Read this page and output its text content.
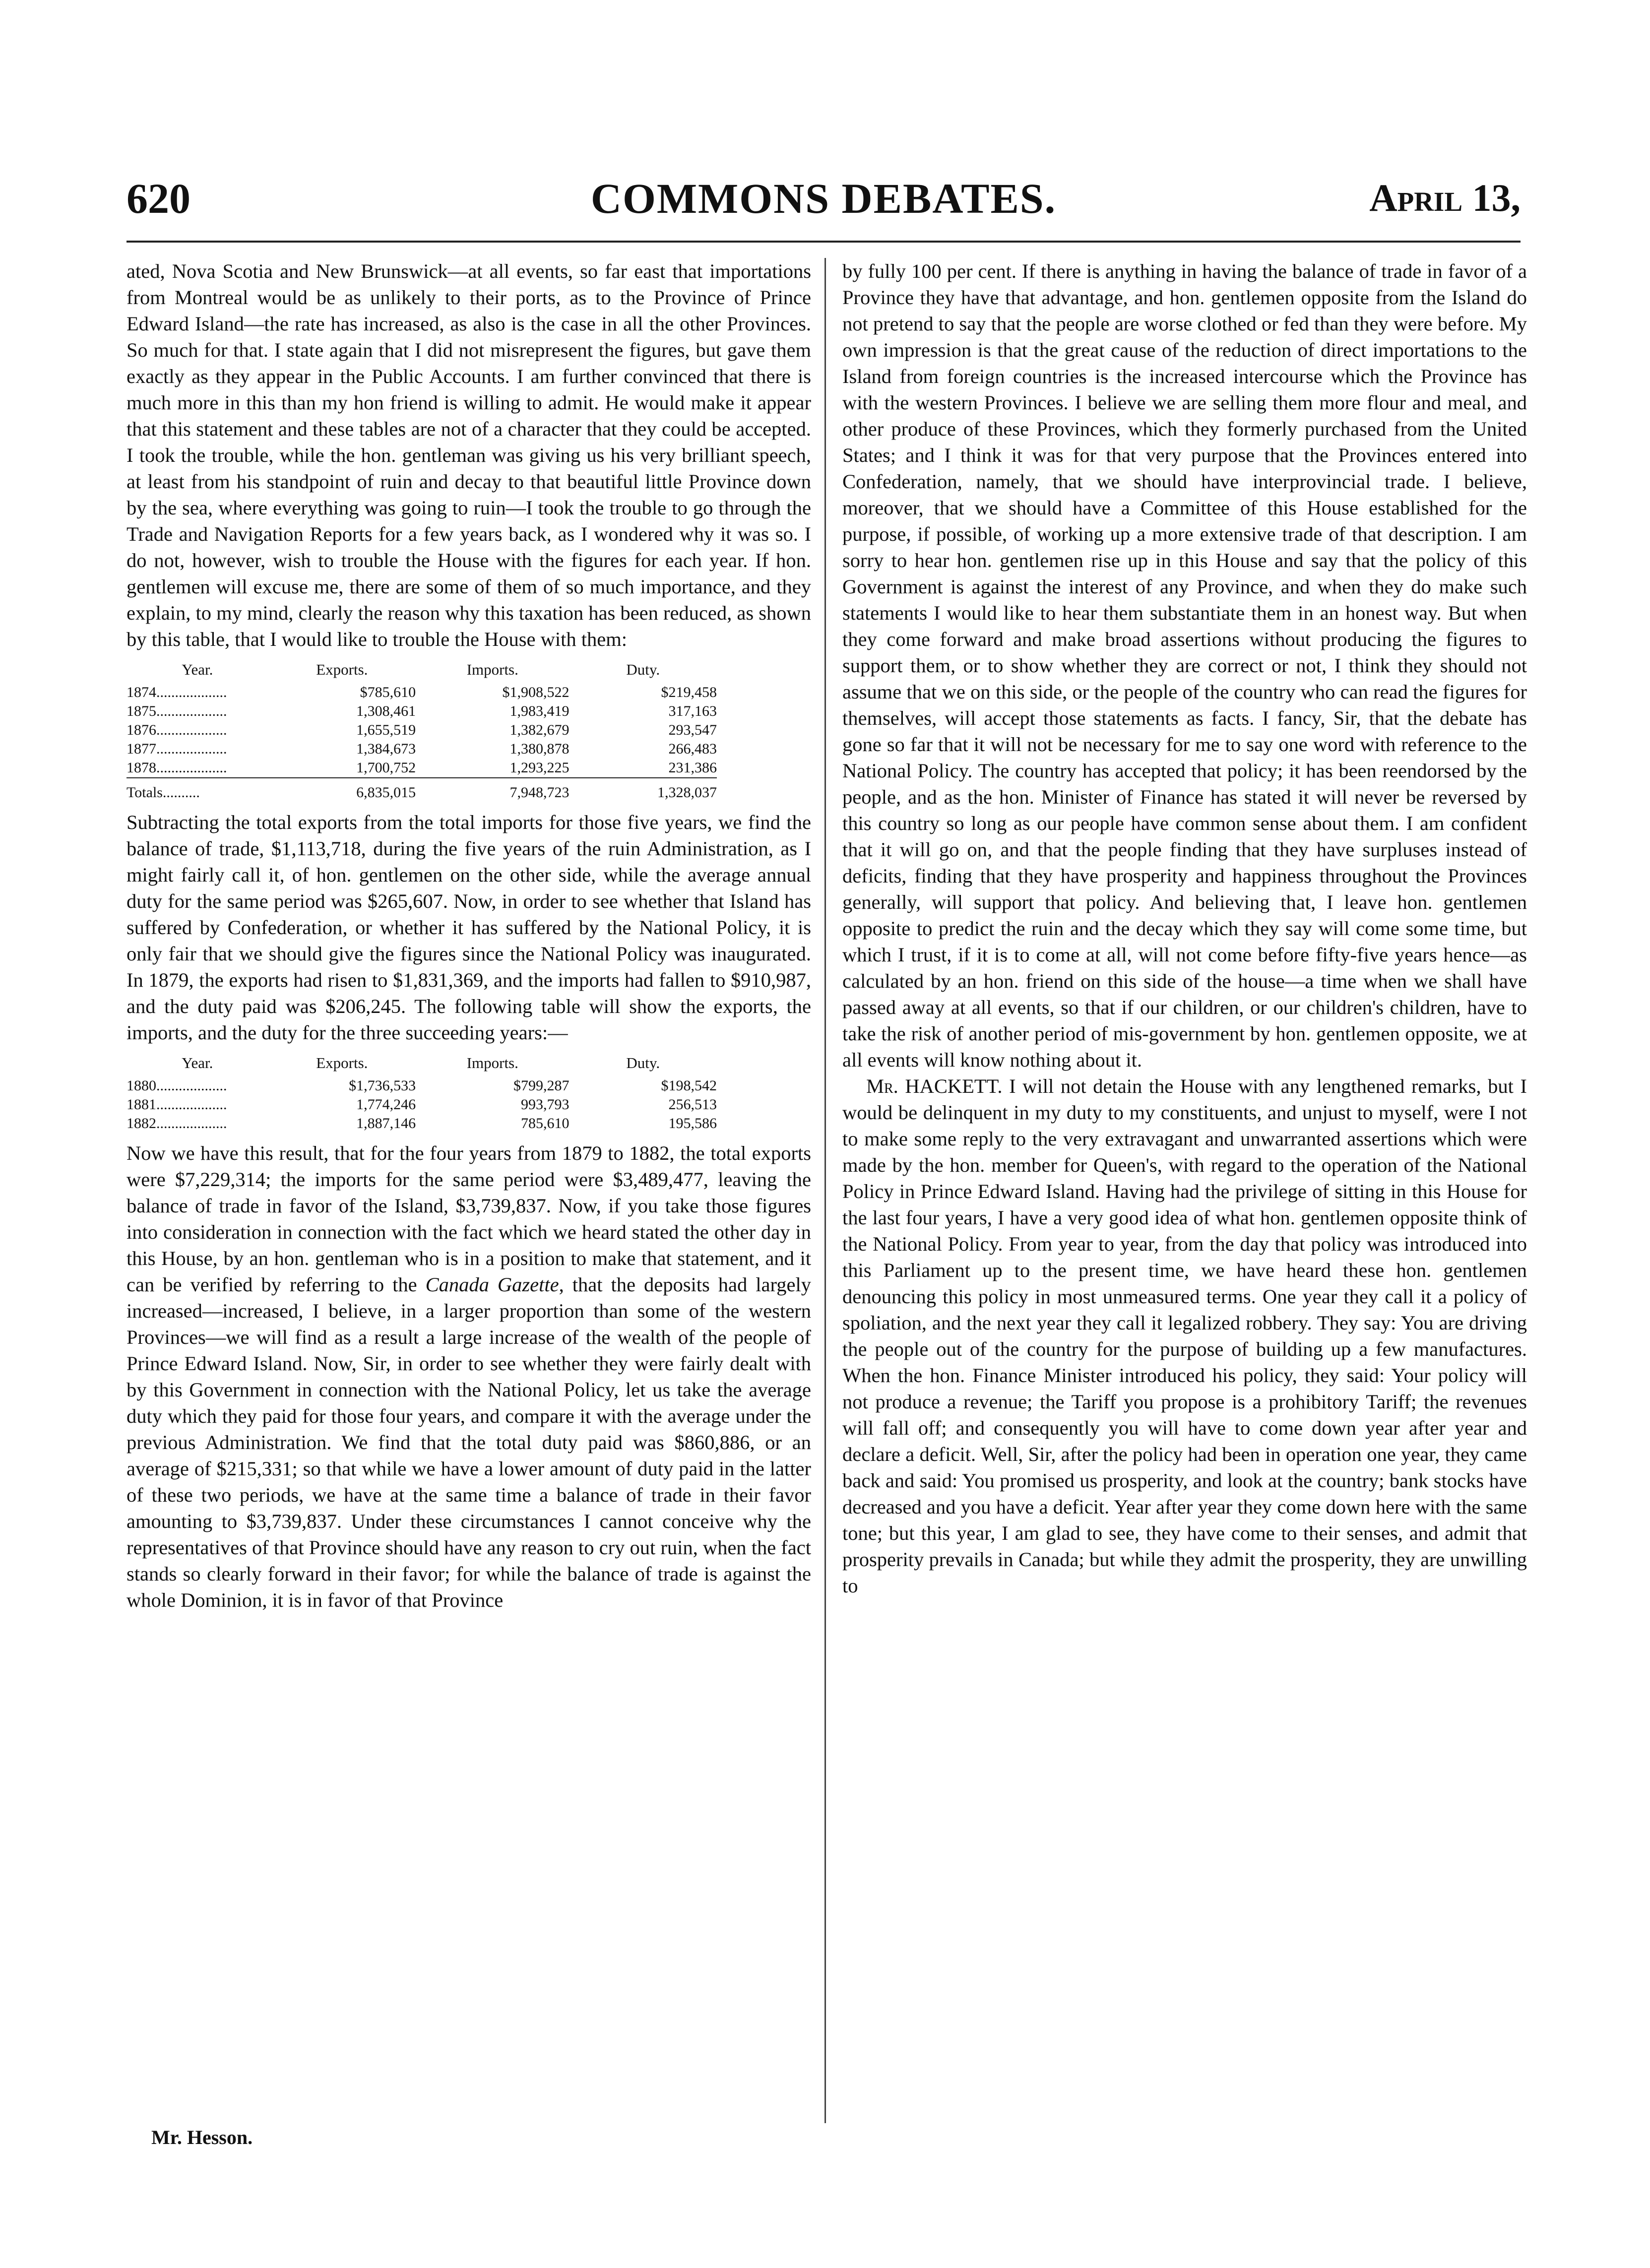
620	COMMONS DEBATES.	April 13,

ated, Nova Scotia and New Brunswick—at all events, so far east that importations from Montreal would be as unlikely to their ports, as to the Province of Prince Edward Island—the rate has increased, as also is the case in all the other Provinces. So much for that. I state again that I did not misrepresent the figures, but gave them exactly as they appear in the Public Accounts. I am further convinced that there is much more in this than my hon friend is willing to admit. He would make it appear that this statement and these tables are not of a character that they could be accepted. I took the trouble, while the hon. gentleman was giving us his very brilliant speech, at least from his standpoint of ruin and decay to that beautiful little Province down by the sea, where everything was going to ruin—I took the trouble to go through the Trade and Navigation Reports for a few years back, as I wondered why it was so. I do not, however, wish to trouble the House with the figures for each year. If hon. gentlemen will excuse me, there are some of them of so much importance, and they explain, to my mind, clearly the reason why this taxation has been reduced, as shown by this table, that I would like to trouble the House with them:

Year.	Exports.	Imports.	Duty.
1874...................	$785,610	$1,908,522	$219,458
1875...................	1,308,461	1,983,419	317,163
1876...................	1,655,519	1,382,679	293,547
1877...................	1,384,673	1,380,878	266,483
1878...................	1,700,752	1,293,225	231,386
Totals..........	6,835,015	7,948,723	1,328,037

Subtracting the total exports from the total imports for those five years, we find the balance of trade, $1,113,718, during the five years of the ruin Administration, as I might fairly call it, of hon. gentlemen on the other side, while the average annual duty for the same period was $265,607. Now, in order to see whether that Island has suffered by Confederation, or whether it has suffered by the National Policy, it is only fair that we should give the figures since the National Policy was inaugurated. In 1879, the exports had risen to $1,831,369, and the imports had fallen to $910,987, and the duty paid was $206,245. The following table will show the exports, the imports, and the duty for the three succeeding years:—

Year.	Exports.	Imports.	Duty.
1880...................	$1,736,533	$799,287	$198,542
1881...................	1,774,246	993,793	256,513
1882...................	1,887,146	785,610	195,586

Now we have this result, that for the four years from 1879 to 1882, the total exports were $7,229,314; the imports for the same period were $3,489,477, leaving the balance of trade in favor of the Island, $3,739,837. Now, if you take those figures into consideration in connection with the fact which we heard stated the other day in this House, by an hon. gentleman who is in a position to make that statement, and it can be verified by referring to the Canada Gazette, that the deposits had largely increased—increased, I believe, in a larger proportion than some of the western Provinces—we will find as a result a large increase of the wealth of the people of Prince Edward Island. Now, Sir, in order to see whether they were fairly dealt with by this Government in connection with the National Policy, let us take the average duty which they paid for those four years, and compare it with the average under the previous Administration. We find that the total duty paid was $860,886, or an average of $215,331; so that while we have a lower amount of duty paid in the latter of these two periods, we have at the same time a balance of trade in their favor amounting to $3,739,837. Under these circumstances I cannot conceive why the representatives of that Province should have any reason to cry out ruin, when the fact stands so clearly forward in their favor; for while the balance of trade is against the whole Dominion, it is in favor of that Province

by fully 100 per cent. If there is anything in having the balance of trade in favor of a Province they have that advantage, and hon. gentlemen opposite from the Island do not pretend to say that the people are worse clothed or fed than they were before. My own impression is that the great cause of the reduction of direct importations to the Island from foreign countries is the increased intercourse which the Province has with the western Provinces. I believe we are selling them more flour and meal, and other produce of these Provinces, which they formerly purchased from the United States; and I think it was for that very purpose that the Provinces entered into Confederation, namely, that we should have interprovincial trade. I believe, moreover, that we should have a Committee of this House established for the purpose, if possible, of working up a more extensive trade of that description. I am sorry to hear hon. gentlemen rise up in this House and say that the policy of this Government is against the interest of any Province, and when they do make such statements I would like to hear them substantiate them in an honest way. But when they come forward and make broad assertions without producing the figures to support them, or to show whether they are correct or not, I think they should not assume that we on this side, or the people of the country who can read the figures for themselves, will accept those statements as facts. I fancy, Sir, that the debate has gone so far that it will not be necessary for me to say one word with reference to the National Policy. The country has accepted that policy; it has been reendorsed by the people, and as the hon. Minister of Finance has stated it will never be reversed by this country so long as our people have common sense about them. I am confident that it will go on, and that the people finding that they have surpluses instead of deficits, finding that they have prosperity and happiness throughout the Provinces generally, will support that policy. And believing that, I leave hon. gentlemen opposite to predict the ruin and the decay which they say will come some time, but which I trust, if it is to come at all, will not come before fifty-five years hence—as calculated by an hon. friend on this side of the house—a time when we shall have passed away at all events, so that if our children, or our children's children, have to take the risk of another period of mis-government by hon. gentlemen opposite, we at all events will know nothing about it.

Mr. HACKETT. I will not detain the House with any lengthened remarks, but I would be delinquent in my duty to my constituents, and unjust to myself, were I not to make some reply to the very extravagant and unwarranted assertions which were made by the hon. member for Queen's, with regard to the operation of the National Policy in Prince Edward Island. Having had the privilege of sitting in this House for the last four years, I have a very good idea of what hon. gentlemen opposite think of the National Policy. From year to year, from the day that policy was introduced into this Parliament up to the present time, we have heard these hon. gentlemen denouncing this policy in most unmeasured terms. One year they call it a policy of spoliation, and the next year they call it legalized robbery. They say: You are driving the people out of the country for the purpose of building up a few manufactures. When the hon. Finance Minister introduced his policy, they said: Your policy will not produce a revenue; the Tariff you propose is a prohibitory Tariff; the revenues will fall off; and consequently you will have to come down year after year and declare a deficit. Well, Sir, after the policy had been in operation one year, they came back and said: You promised us prosperity, and look at the country; bank stocks have decreased and you have a deficit. Year after year they come down here with the same tone; but this year, I am glad to see, they have come to their senses, and admit that prosperity prevails in Canada; but while they admit the prosperity, they are unwilling to

Mr. Hesson.
